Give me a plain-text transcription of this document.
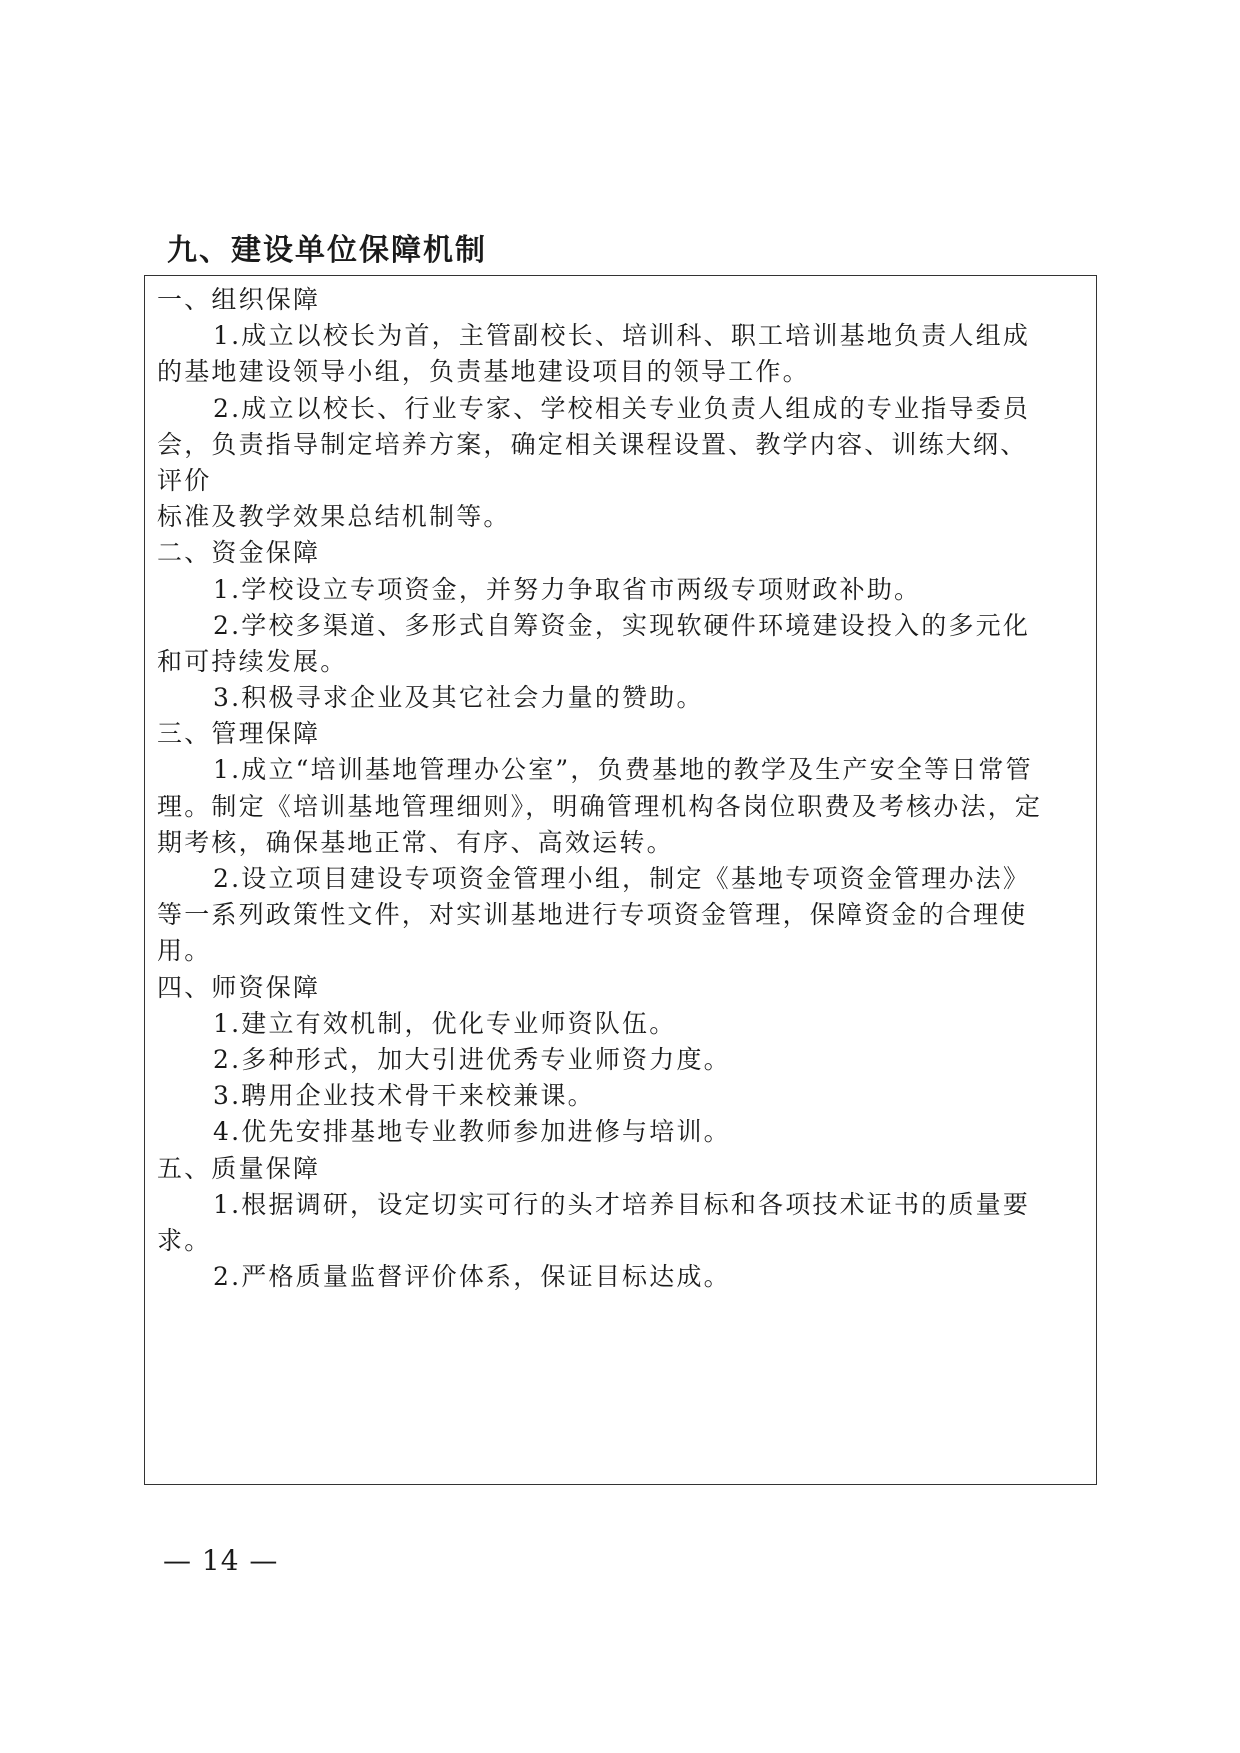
九、建设单位保障机制
一、组织保障
1.成立以校长为首，主管副校长、培训科、职工培训基地负责人组成
的基地建设领导小组，负责基地建设项目的领导工作。
2.成立以校长、行业专家、学校相关专业负责人组成的专业指导委员
会，负责指导制定培养方案，确定相关课程设置、教学内容、训练大纲、
评价
标准及教学效果总结机制等。
二、资金保障
1.学校设立专项资金，并努力争取省市两级专项财政补助。
2.学校多渠道、多形式自筹资金，实现软硬件环境建设投入的多元化
和可持续发展。
3.积极寻求企业及其它社会力量的赞助。
三、管理保障
1.成立“培训基地管理办公室”，负费基地的教学及生产安全等日常管
理。制定《培训基地管理细则》，明确管理机构各岗位职费及考核办法，定
期考核，确保基地正常、有序、高效运转。
2.设立项目建设专项资金管理小组，制定《基地专项资金管理办法》
等一系列政策性文件，对实训基地进行专项资金管理，保障资金的合理使
用。
四、师资保障
1.建立有效机制，优化专业师资队伍。
2.多种形式，加大引进优秀专业师资力度。
3.聘用企业技术骨干来校兼课。
4.优先安排基地专业教师参加进修与培训。
五、质量保障
1.根据调研，设定切实可行的头才培养目标和各项技术证书的质量要
求。
2.严格质量监督评价体系，保证目标达成。
— 14 —
